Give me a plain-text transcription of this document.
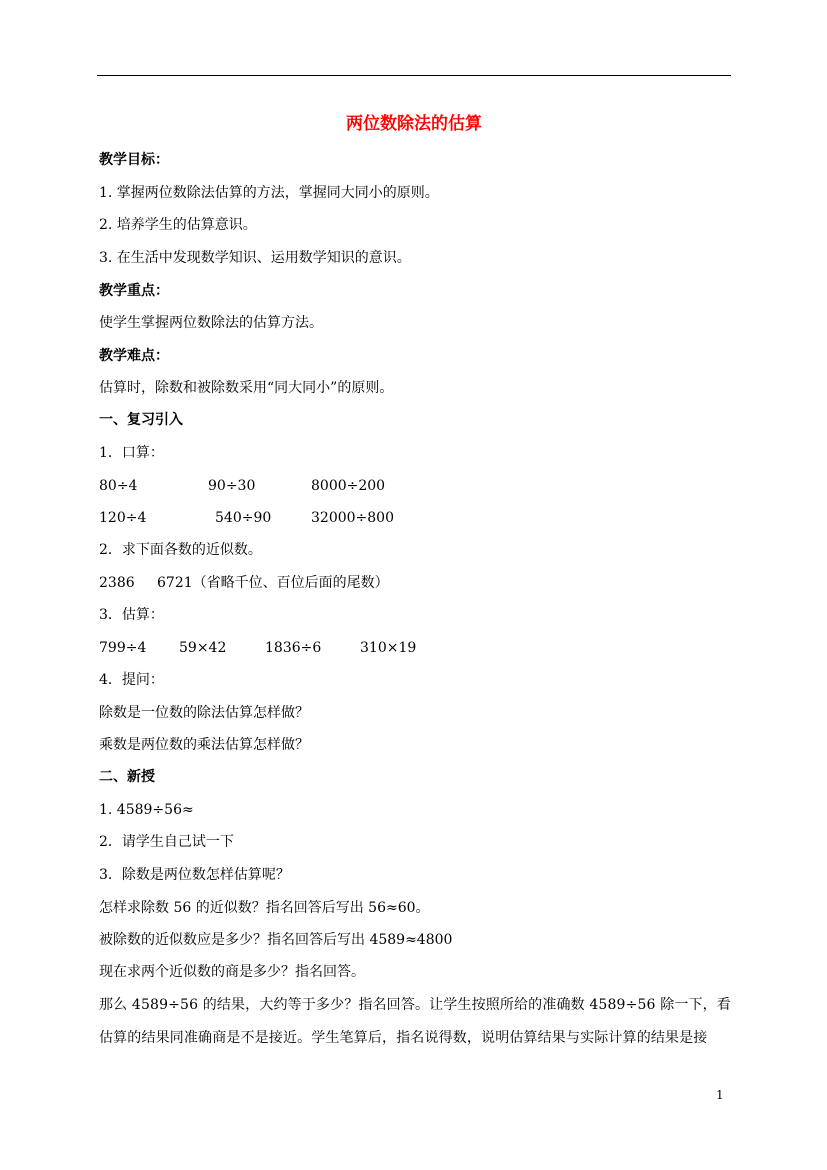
两位数除法的估算
教学目标：
1. 掌握两位数除法估算的方法，掌握同大同小的原则。
2. 培养学生的估算意识。
3. 在生活中发现数学知识、运用数学知识的意识。
教学重点：
使学生掌握两位数除法的估算方法。
教学难点：
估算时，除数和被除数采用“同大同小”的原则。
一、复习引入
1．口算：
80÷4	90÷30	8000÷200
120÷4	540÷90	32000÷800
2．求下面各数的近似数。
2386 6721（省略千位、百位后面的尾数）
3．估算：
799÷4 59×42	1836÷6	310×19
4．提问：
除数是一位数的除法估算怎样做？
乘数是两位数的乘法估算怎样做？
二、新授
1. 4589÷56≈
2．请学生自己试一下
3．除数是两位数怎样估算呢？
怎样求除数 56 的近似数？指名回答后写出 56≈60。
被除数的近似数应是多少？指名回答后写出 4589≈4800
现在求两个近似数的商是多少？指名回答。
那么 4589÷56 的结果，大约等于多少？指名回答。让学生按照所给的准确数 4589÷56 除一下，看
估算的结果同准确商是不是接近。学生笔算后，指名说得数，说明估算结果与实际计算的结果是接
1
